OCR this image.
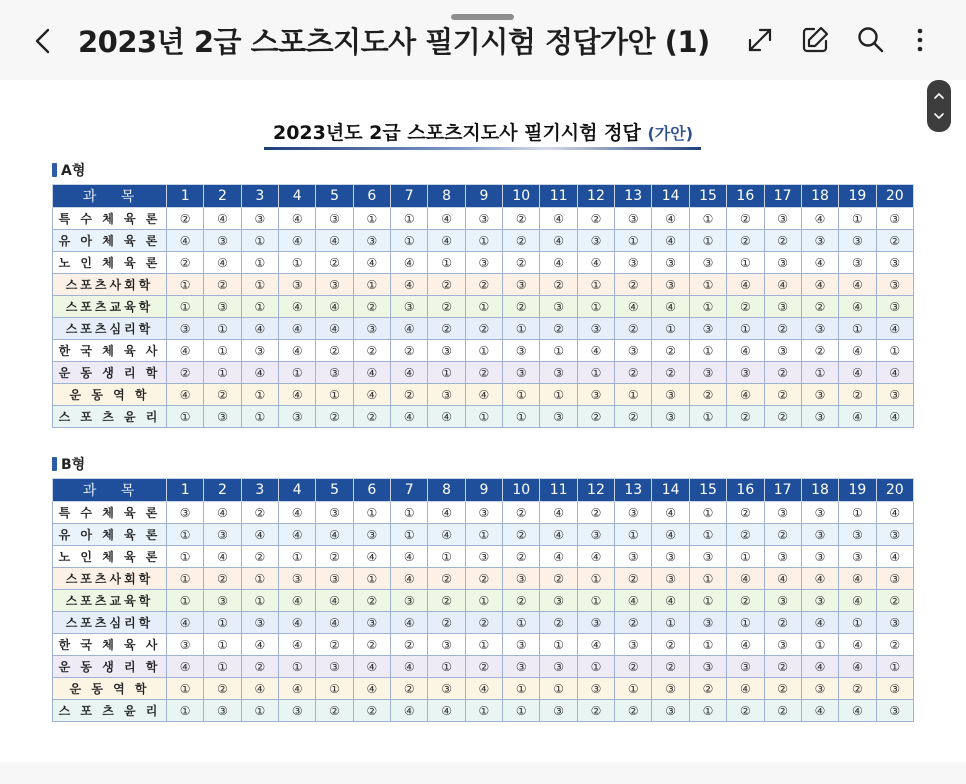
2023년 2급 스포츠지도사 필기시험 정답가안 (1)
2023년도 2급 스포츠지도사 필기시험 정답 (가안)
A형
과 목	1	2	3	4	5	6	7	8	9	10	11	12	13	14	15	16	17	18	19	20
특 수 체 육 론	②	④	③	④	③	①	①	④	③	②	④	②	③	④	①	②	③	④	①	③
유 아 체 육 론	④	③	①	④	④	③	①	④	①	②	④	③	①	④	①	②	②	③	③	②
노 인 체 육 론	②	④	①	①	②	④	④	①	③	②	④	④	③	③	③	①	③	④	③	③
스포츠사회학	①	②	①	③	③	①	④	②	②	③	②	①	②	③	①	④	④	④	④	③
스포츠교육학	①	③	①	④	④	②	③	②	①	②	③	①	④	④	①	②	③	②	④	③
스포츠심리학	③	①	④	④	④	③	④	②	②	①	②	③	②	①	③	①	②	③	①	④
한 국 체 육 사	④	①	③	④	②	②	②	③	①	③	①	④	③	②	①	④	③	②	④	①
운 동 생 리 학	②	①	④	①	③	④	④	①	②	③	③	①	②	②	③	③	②	①	④	④
운 동 역 학	④	②	①	④	①	④	②	③	④	①	①	③	①	③	②	④	②	③	②	③
스 포 츠 윤 리	①	③	①	③	②	②	④	④	①	①	③	②	②	③	①	②	②	③	④	④
B형
과 목	1	2	3	4	5	6	7	8	9	10	11	12	13	14	15	16	17	18	19	20
특 수 체 육 론	③	④	②	④	③	①	①	④	③	②	④	②	③	④	①	②	③	③	①	④
유 아 체 육 론	①	③	④	④	④	③	①	④	①	②	④	③	①	④	①	②	②	③	③	③
노 인 체 육 론	①	④	②	①	②	④	④	①	③	②	④	④	③	③	③	①	③	③	③	④
스포츠사회학	①	②	①	③	③	①	④	②	②	③	②	①	②	③	①	④	④	④	④	③
스포츠교육학	①	③	①	④	④	②	③	②	①	②	③	①	④	④	①	②	③	③	④	②
스포츠심리학	④	①	③	④	④	③	④	②	②	①	②	③	②	①	③	①	②	④	①	③
한 국 체 육 사	③	①	④	④	②	②	②	③	①	③	①	④	③	②	①	④	③	①	④	②
운 동 생 리 학	④	①	②	①	③	④	④	①	②	③	③	①	②	②	③	③	②	④	④	①
운 동 역 학	①	②	④	④	①	④	②	③	④	①	①	③	①	③	②	④	②	③	②	③
스 포 츠 윤 리	①	③	①	③	②	②	④	④	①	①	③	②	②	③	①	②	②	④	④	③
